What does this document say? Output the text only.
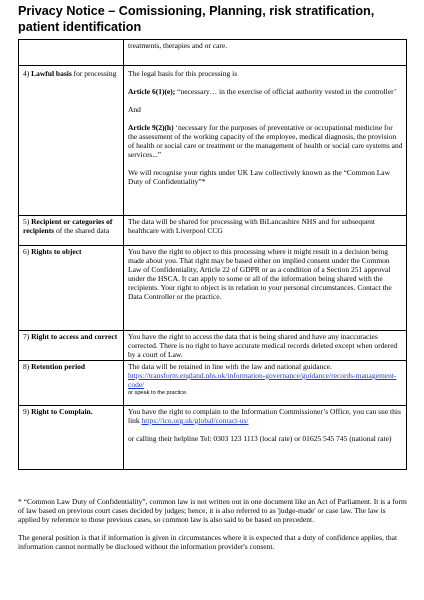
Privacy Notice – Comissioning, Planning, risk stratification, patient identification
	treatments, therapies and or care.
4) Lawful basis for processing	The legal basis for this processing is
Article 6(1)(e); “necessary… in the exercise of official authority vested in the controller’
And
Article 9(2)(h) ‘necessary for the purposes of preventative or occupational medicine for the assessment of the working capacity of the employee, medical diagnosis, the provision of health or social care or treatment or the management of health or social care systems and services...”
We will recognise your rights under UK Law collectively known as the “Common Law Duty of Confidentiality”*

5) Recipient or categories of recipients of the shared data	The data will be shared for processing with BiLancashire NHS and for subsequent healthcare with Liverpool CCG
6) Rights to object	You have the right to object to this processing where it might result in a decision being made about you. That right may be based either on implied consent under the Common Law of Confidentiality, Article 22 of GDPR or as a condition of a Section 251 approval under the HSCA. It can apply to some or all of the information being shared with the recipients. Your right to object is in relation to your personal circumstances. Contact the Data Controller or the practice.
7) Right to access and correct	You have the right to access the data that is being shared and have any inaccuracies corrected. There is no right to have accurate medical records deleted except when ordered by a court of Law.
8) Retention period	The data will be retained in line with the law and national guidance.
https://transform.england.nhs.uk/information-governance/guidance/records-management-code/
or speak to the practice.

9) Right to Complain.	You have the right to complain to the Information Commissioner’s Office, you can use this link https://ico.org.uk/global/contact-us/
or calling their helpline Tel: 0303 123 1113 (local rate) or 01625 545 745 (national rate)

* “Common Law Duty of Confidentiality”, common law is not written out in one document like an Act of Parliament. It is a form of law based on previous court cases decided by judges; hence, it is also referred to as 'judge-made' or case law. The law is applied by reference to those previous cases, so common law is also said to be based on precedent.

The general position is that if information is given in circumstances where it is expected that a duty of confidence applies, that information cannot normally be disclosed without the information provider's consent.
